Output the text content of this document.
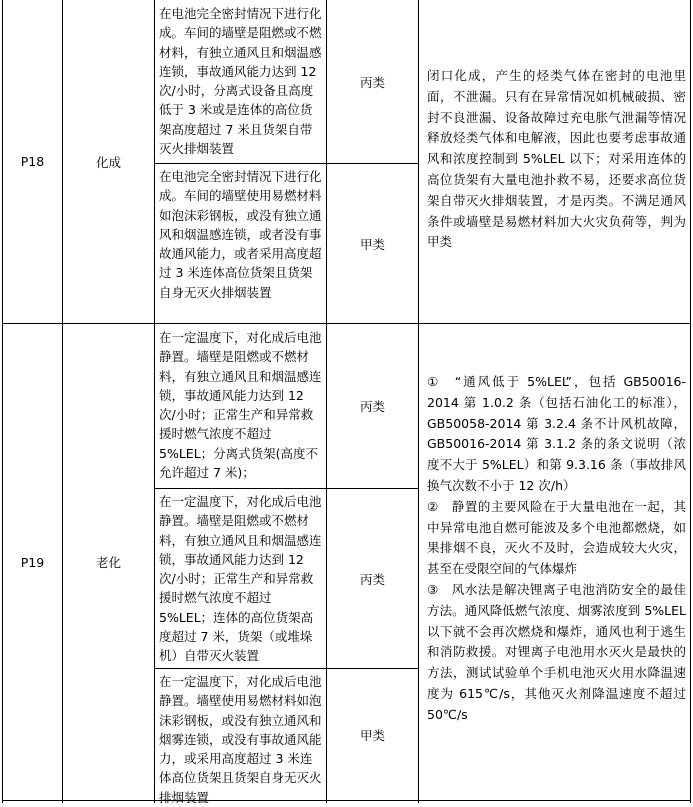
P18	化成
在电池完全密封情况下进行化成。车间的墙壁是阻燃或不燃材料，有独立通风且和烟温感连锁，事故通风能力达到 12 次/小时，分离式设备且高度低于 3 米或是连体的高位货架高度超过 7 米且货架自带灭火排烟装置
丙类
在电池完全密封情况下进行化成。车间的墙壁使用易燃材料如泡沫彩钢板，或没有独立通风和烟温感连锁，或者没有事故通风能力，或者采用高度超过 3 米连体高位货架且货架自身无灭火排烟装置
甲类
闭口化成，产生的烃类气体在密封的电池里面，不泄漏。只有在异常情况如机械破损、密封不良泄漏、设备故障过充电胀气泄漏等情况释放烃类气体和电解液，因此也要考虑事故通风和浓度控制到 5%LEL 以下；对采用连体的高位货架有大量电池扑救不易，还要求高位货架自带灭火排烟装置，才是丙类。不满足通风条件或墙壁是易燃材料加大火灾负荷等，判为甲类
P19	老化
在一定温度下，对化成后电池静置。墙壁是阻燃或不燃材料，有独立通风且和烟温感连锁，事故通风能力达到 12 次/小时；正常生产和异常救援时燃气浓度不超过 5%LEL；分离式货架(高度不允许超过 7 米)；
丙类
在一定温度下，对化成后电池静置。墙壁是阻燃或不燃材料，有独立通风且和烟温感连锁，事故通风能力达到 12 次/小时；正常生产和异常救援时燃气浓度不超过 5%LEL；连体的高位货架高度超过 7 米，货架（或堆垛机）自带灭火装置
丙类
在一定温度下，对化成后电池静置。墙壁使用易燃材料如泡沫彩钢板，或没有独立通风和烟雾连锁，或没有事故通风能力，或采用高度超过 3 米连体高位货架且货架自身无灭火排烟装置
甲类
①　“通风低于 5%LEL”，包括 GB50016-2014 第 1.0.2 条（包括石油化工的标准），GB50058-2014 第 3.2.4 条不计风机故障，GB50016-2014 第 3.1.2 条的条文说明（浓度不大于 5%LEL）和第 9.3.16 条（事故排风换气次数不小于 12 次/h）
②　静置的主要风险在于大量电池在一起，其中异常电池自燃可能波及多个电池都燃烧，如果排烟不良，灭火不及时，会造成较大火灾，甚至在受限空间的气体爆炸
③　风水法是解决锂离子电池消防安全的最佳方法。通风降低燃气浓度、烟雾浓度到 5%LEL 以下就不会再次燃烧和爆炸，通风也利于逃生和消防救援。对锂离子电池用水灭火是最快的方法，测试试验单个手机电池灭火用水降温速度为 615℃/s，其他灭火剂降温速度不超过 50℃/s
